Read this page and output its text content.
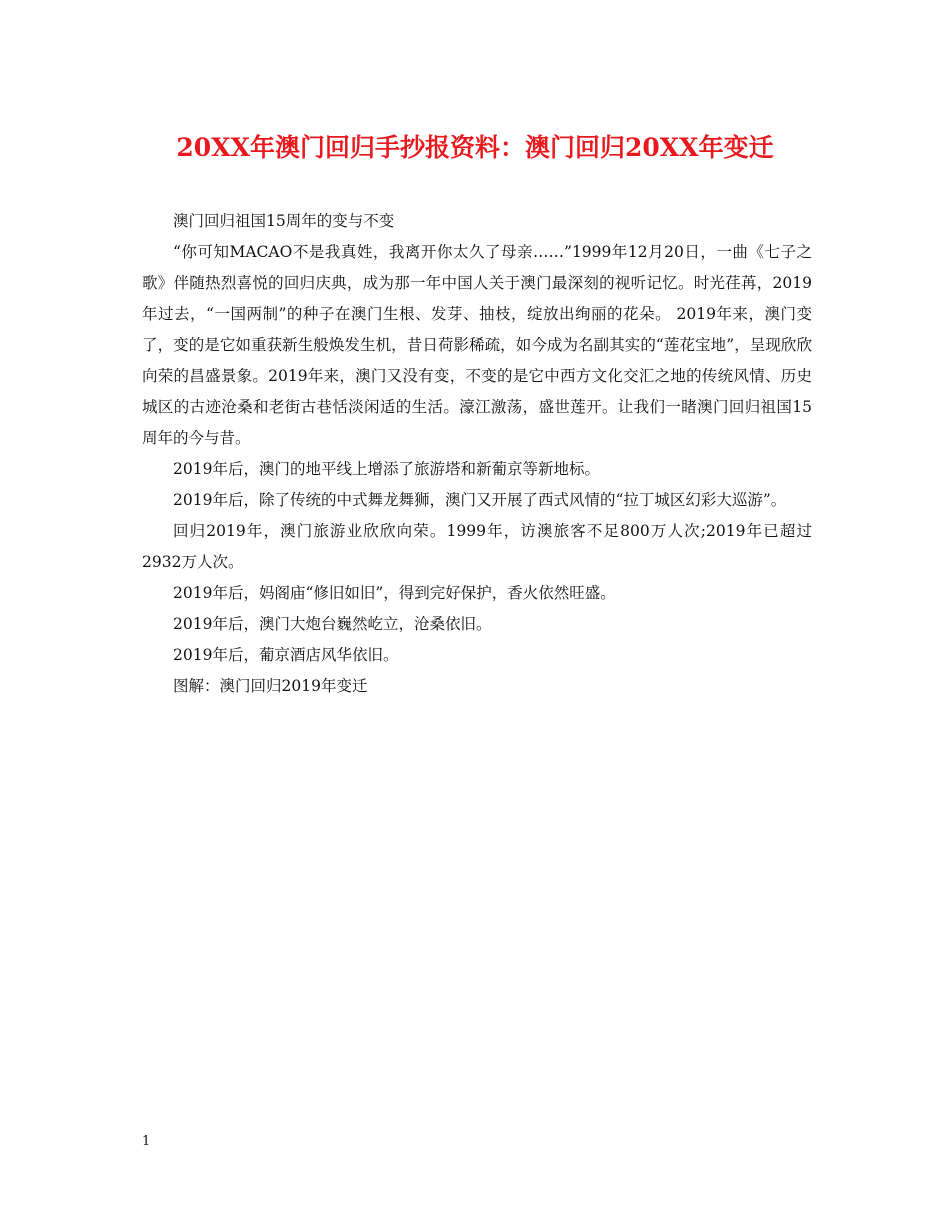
20XX年澳门回归手抄报资料：澳门回归20XX年变迁

澳门回归祖国15周年的变与不变

“你可知MACAO不是我真姓，我离开你太久了母亲……”1999年12月20日，一曲《七子之歌》伴随热烈喜悦的回归庆典，成为那一年中国人关于澳门最深刻的视听记忆。时光荏苒，2019年过去，“一国两制”的种子在澳门生根、发芽、抽枝，绽放出绚丽的花朵。 2019年来，澳门变了，变的是它如重获新生般焕发生机，昔日荷影稀疏，如今成为名副其实的“莲花宝地”，呈现欣欣向荣的昌盛景象。2019年来，澳门又没有变，不变的是它中西方文化交汇之地的传统风情、历史城区的古迹沧桑和老街古巷恬淡闲适的生活。濠江激荡，盛世莲开。让我们一睹澳门回归祖国15周年的今与昔。

2019年后，澳门的地平线上增添了旅游塔和新葡京等新地标。

2019年后，除了传统的中式舞龙舞狮，澳门又开展了西式风情的“拉丁城区幻彩大巡游”。

回归2019年，澳门旅游业欣欣向荣。1999年，访澳旅客不足800万人次;2019年已超过2932万人次。

2019年后，妈阁庙“修旧如旧”，得到完好保护，香火依然旺盛。

2019年后，澳门大炮台巍然屹立，沧桑依旧。

2019年后，葡京酒店风华依旧。

图解：澳门回归2019年变迁

1
